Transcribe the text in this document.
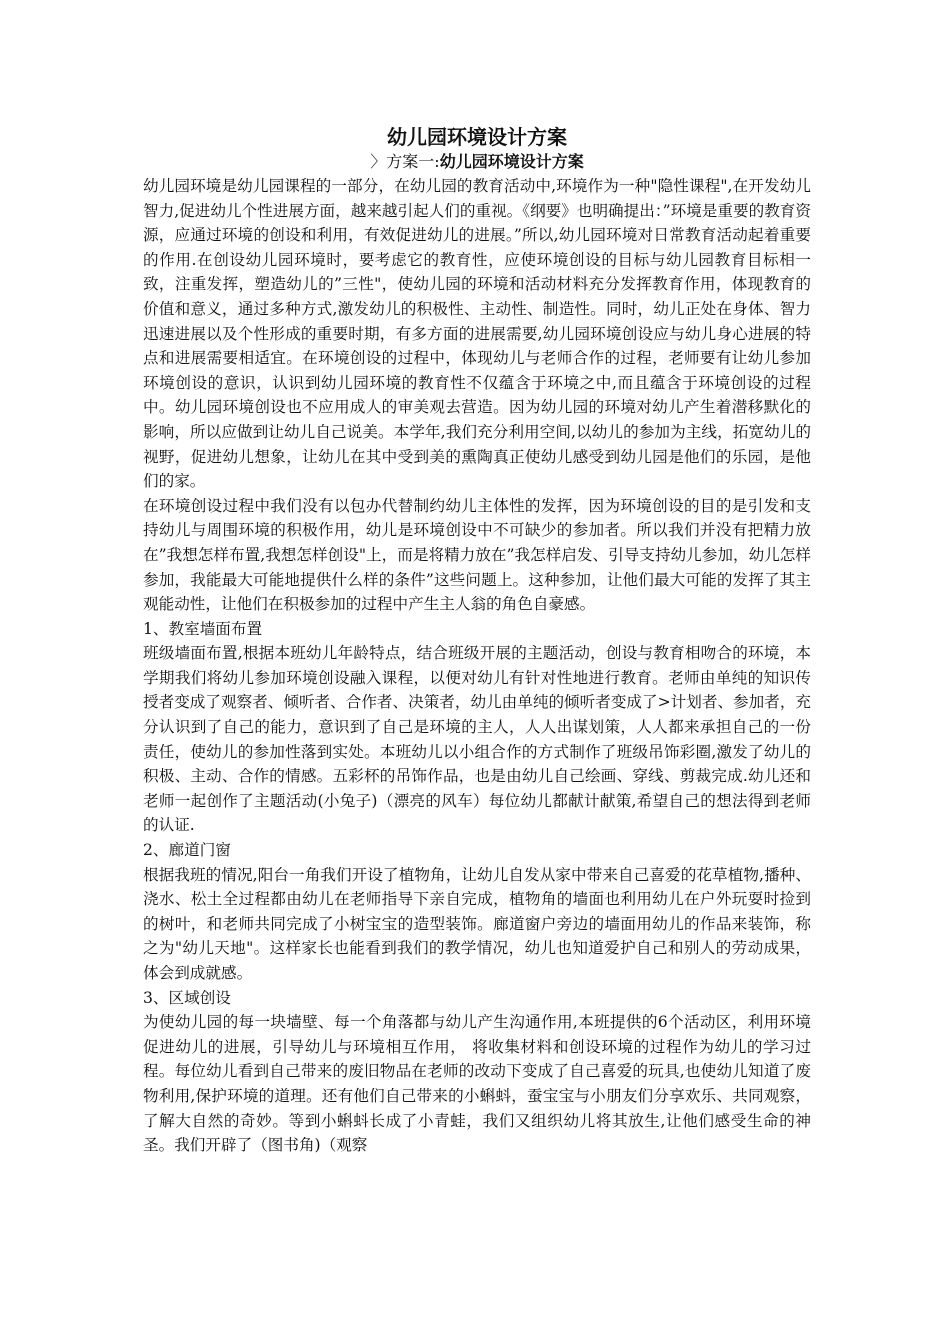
幼儿园环境设计方案

〉方案一:幼儿园环境设计方案

幼儿园环境是幼儿园课程的一部分，在幼儿园的教育活动中,环境作为一种"隐性课程",在开发幼儿智力,促进幼儿个性进展方面，越来越引起人们的重视。《纲要》也明确提出：”环境是重要的教育资源，应通过环境的创设和利用，有效促进幼儿的进展。”所以,幼儿园环境对日常教育活动起着重要的作用.在创设幼儿园环境时，要考虑它的教育性，应使环境创设的目标与幼儿园教育目标相一致，注重发挥，塑造幼儿的”三性"，使幼儿园的环境和活动材料充分发挥教育作用，体现教育的价值和意义，通过多种方式,激发幼儿的积极性、主动性、制造性。同时，幼儿正处在身体、智力迅速进展以及个性形成的重要时期，有多方面的进展需要,幼儿园环境创设应与幼儿身心进展的特点和进展需要相适宜。在环境创设的过程中，体现幼儿与老师合作的过程，老师要有让幼儿参加环境创设的意识，认识到幼儿园环境的教育性不仅蕴含于环境之中,而且蕴含于环境创设的过程中。幼儿园环境创设也不应用成人的审美观去营造。因为幼儿园的环境对幼儿产生着潜移默化的影响，所以应做到让幼儿自己说美。本学年,我们充分利用空间,以幼儿的参加为主线，拓宽幼儿的视野，促进幼儿想象，让幼儿在其中受到美的熏陶真正使幼儿感受到幼儿园是他们的乐园，是他们的家。

在环境创设过程中我们没有以包办代替制约幼儿主体性的发挥，因为环境创设的目的是引发和支持幼儿与周围环境的积极作用，幼儿是环境创设中不可缺少的参加者。所以我们并没有把精力放在”我想怎样布置,我想怎样创设"上，而是将精力放在”我怎样启发、引导支持幼儿参加，幼儿怎样参加，我能最大可能地提供什么样的条件”这些问题上。这种参加，让他们最大可能的发挥了其主观能动性，让他们在积极参加的过程中产生主人翁的角色自豪感。

1、教室墙面布置

班级墙面布置,根据本班幼儿年龄特点，结合班级开展的主题活动，创设与教育相吻合的环境，本学期我们将幼儿参加环境创设融入课程，以便对幼儿有针对性地进行教育。老师由单纯的知识传授者变成了观察者、倾听者、合作者、决策者，幼儿由单纯的倾听者变成了>计划者、参加者，充分认识到了自己的能力，意识到了自己是环境的主人，人人出谋划策，人人都来承担自己的一份责任，使幼儿的参加性落到实处。本班幼儿以小组合作的方式制作了班级吊饰彩圈,激发了幼儿的积极、主动、合作的情感。五彩杯的吊饰作品，也是由幼儿自己绘画、穿线、剪裁完成.幼儿还和老师一起创作了主题活动(小兔子)（漂亮的风车）每位幼儿都献计献策,希望自己的想法得到老师的认证.

2、廊道门窗

根据我班的情况,阳台一角我们开设了植物角，让幼儿自发从家中带来自己喜爱的花草植物,播种、浇水、松土全过程都由幼儿在老师指导下亲自完成，植物角的墙面也利用幼儿在户外玩耍时捡到的树叶，和老师共同完成了小树宝宝的造型装饰。廊道窗户旁边的墙面用幼儿的作品来装饰，称之为"幼儿天地"。这样家长也能看到我们的教学情况，幼儿也知道爱护自己和别人的劳动成果，体会到成就感。

3、区域创设

为使幼儿园的每一块墙壁、每一个角落都与幼儿产生沟通作用,本班提供的6个活动区，利用环境促进幼儿的进展，引导幼儿与环境相互作用， 将收集材料和创设环境的过程作为幼儿的学习过程。每位幼儿看到自己带来的废旧物品在老师的改动下变成了自己喜爱的玩具,也使幼儿知道了废物利用,保护环境的道理。还有他们自己带来的小蝌蚪，蚕宝宝与小朋友们分享欢乐、共同观察，了解大自然的奇妙。等到小蝌蚪长成了小青蛙，我们又组织幼儿将其放生,让他们感受生命的神圣。我们开辟了（图书角)（观察
